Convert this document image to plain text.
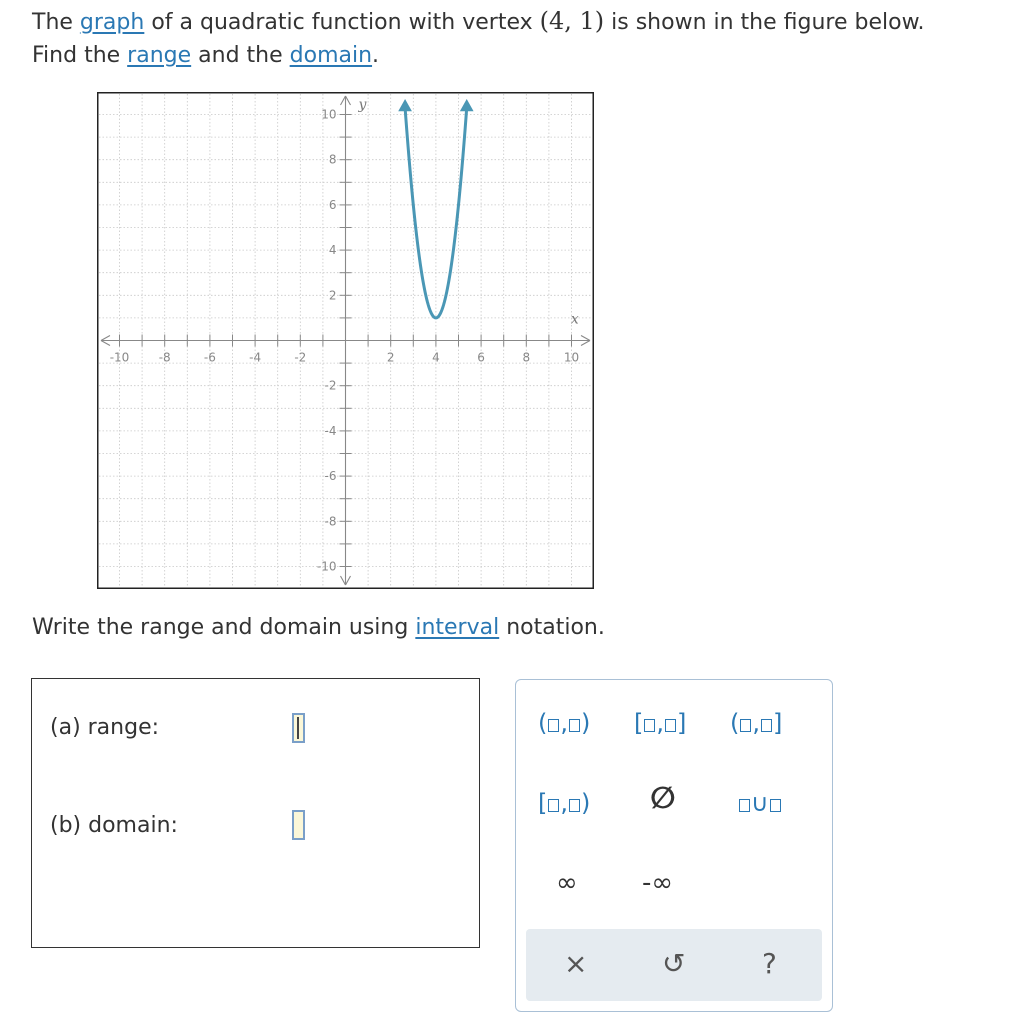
The graph of a quadratic function with vertex (4, 1) is shown in the figure below.
Find the range and the domain.
-10 -8	-6	-4	-2	2	4	6	8	10
10
8
6
4
2
-2
-4
-6
-8
-10
x
y
Write the range and domain using interval notation.
(a) range:
(b) domain:
( , ) [ , ] ( , ]
[ , ) ∅	∪
∞ -∞
×	↺	?
